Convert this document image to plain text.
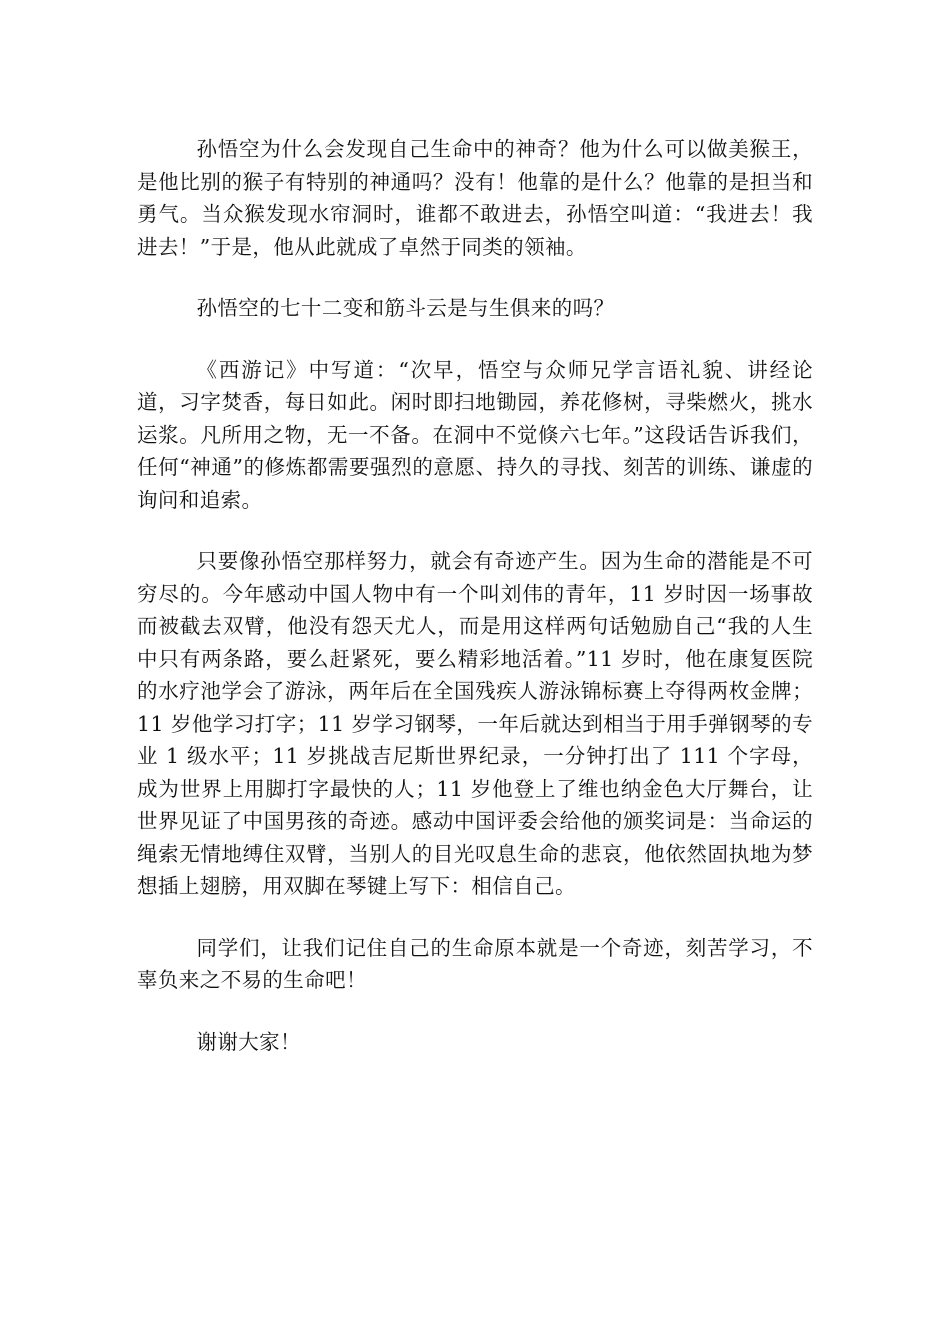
孙悟空为什么会发现自己生命中的神奇？他为什么可以做美猴王，是他比别的猴子有特别的神通吗？没有！他靠的是什么？他靠的是担当和勇气。当众猴发现水帘洞时，谁都不敢进去，孙悟空叫道：“我进去！我进去！”于是，他从此就成了卓然于同类的领袖。

孙悟空的七十二变和筋斗云是与生俱来的吗？

《西游记》中写道：“次早，悟空与众师兄学言语礼貌、讲经论道，习字焚香，每日如此。闲时即扫地锄园，养花修树，寻柴燃火，挑水运浆。凡所用之物，无一不备。在洞中不觉倏六七年。”这段话告诉我们，任何“神通”的修炼都需要强烈的意愿、持久的寻找、刻苦的训练、谦虚的询问和追索。

只要像孙悟空那样努力，就会有奇迹产生。因为生命的潜能是不可穷尽的。今年感动中国人物中有一个叫刘伟的青年，11 岁时因一场事故而被截去双臂，他没有怨天尤人，而是用这样两句话勉励自己“我的人生中只有两条路，要么赶紧死，要么精彩地活着。”11 岁时，他在康复医院的水疗池学会了游泳，两年后在全国残疾人游泳锦标赛上夺得两枚金牌；11 岁他学习打字；11 岁学习钢琴，一年后就达到相当于用手弹钢琴的专业 1 级水平；11 岁挑战吉尼斯世界纪录，一分钟打出了 111 个字母，成为世界上用脚打字最快的人；11 岁他登上了维也纳金色大厅舞台，让世界见证了中国男孩的奇迹。感动中国评委会给他的颁奖词是：当命运的绳索无情地缚住双臂，当别人的目光叹息生命的悲哀，他依然固执地为梦想插上翅膀，用双脚在琴键上写下：相信自己。

同学们，让我们记住自己的生命原本就是一个奇迹，刻苦学习，不辜负来之不易的生命吧！

谢谢大家！
